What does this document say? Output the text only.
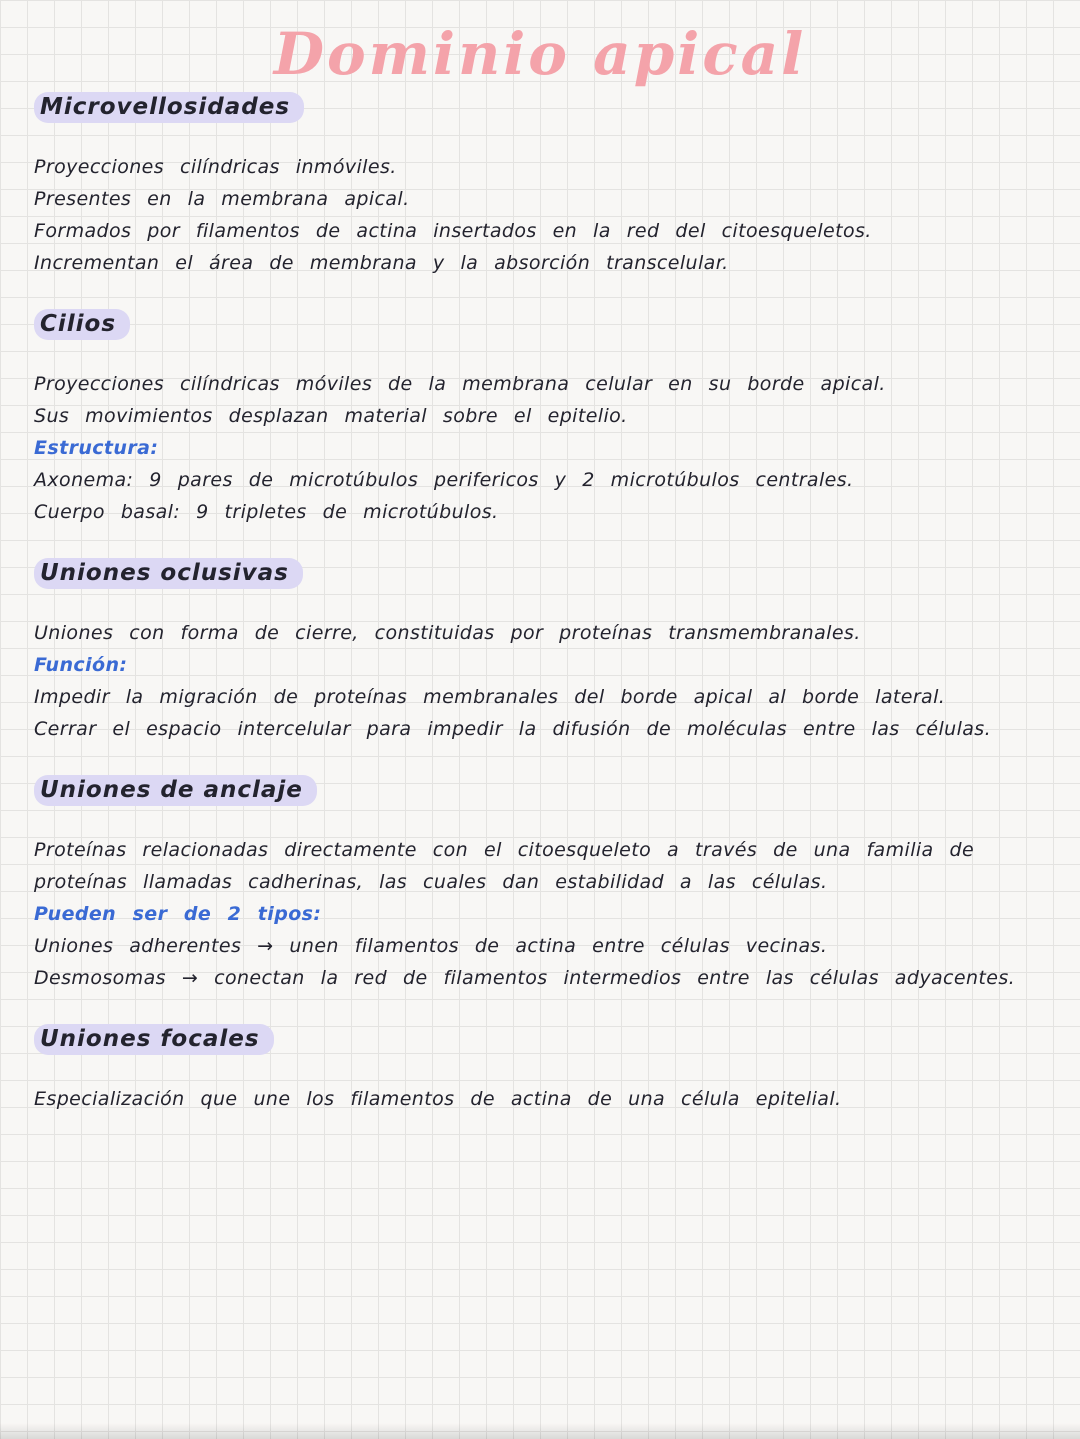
Dominio apical
Microvellosidades

Proyecciones cilíndricas inmóviles.

Presentes en la membrana apical.

Formados por filamentos de actina insertados en la red del citoesqueletos.

Incrementan el área de membrana y la absorción transcelular.

Cilios

Proyecciones cilíndricas móviles de la membrana celular en su borde apical.

Sus movimientos desplazan material sobre el epitelio.

Estructura:

Axonema: 9 pares de microtúbulos perifericos y 2 microtúbulos centrales.

Cuerpo basal: 9 tripletes de microtúbulos.

Uniones oclusivas

Uniones con forma de cierre, constituidas por proteínas transmembranales.

Función:

Impedir la migración de proteínas membranales del borde apical al borde lateral.

Cerrar el espacio intercelular para impedir la difusión de moléculas entre las células.

Uniones de anclaje

Proteínas relacionadas directamente con el citoesqueleto a través de una familia de proteínas llamadas cadherinas, las cuales dan estabilidad a las células.

Pueden ser de 2 tipos:

Uniones adherentes → unen filamentos de actina entre células vecinas.

Desmosomas → conectan la red de filamentos intermedios entre las células adyacentes.

Uniones focales

Especialización que une los filamentos de actina de una célula epitelial.
